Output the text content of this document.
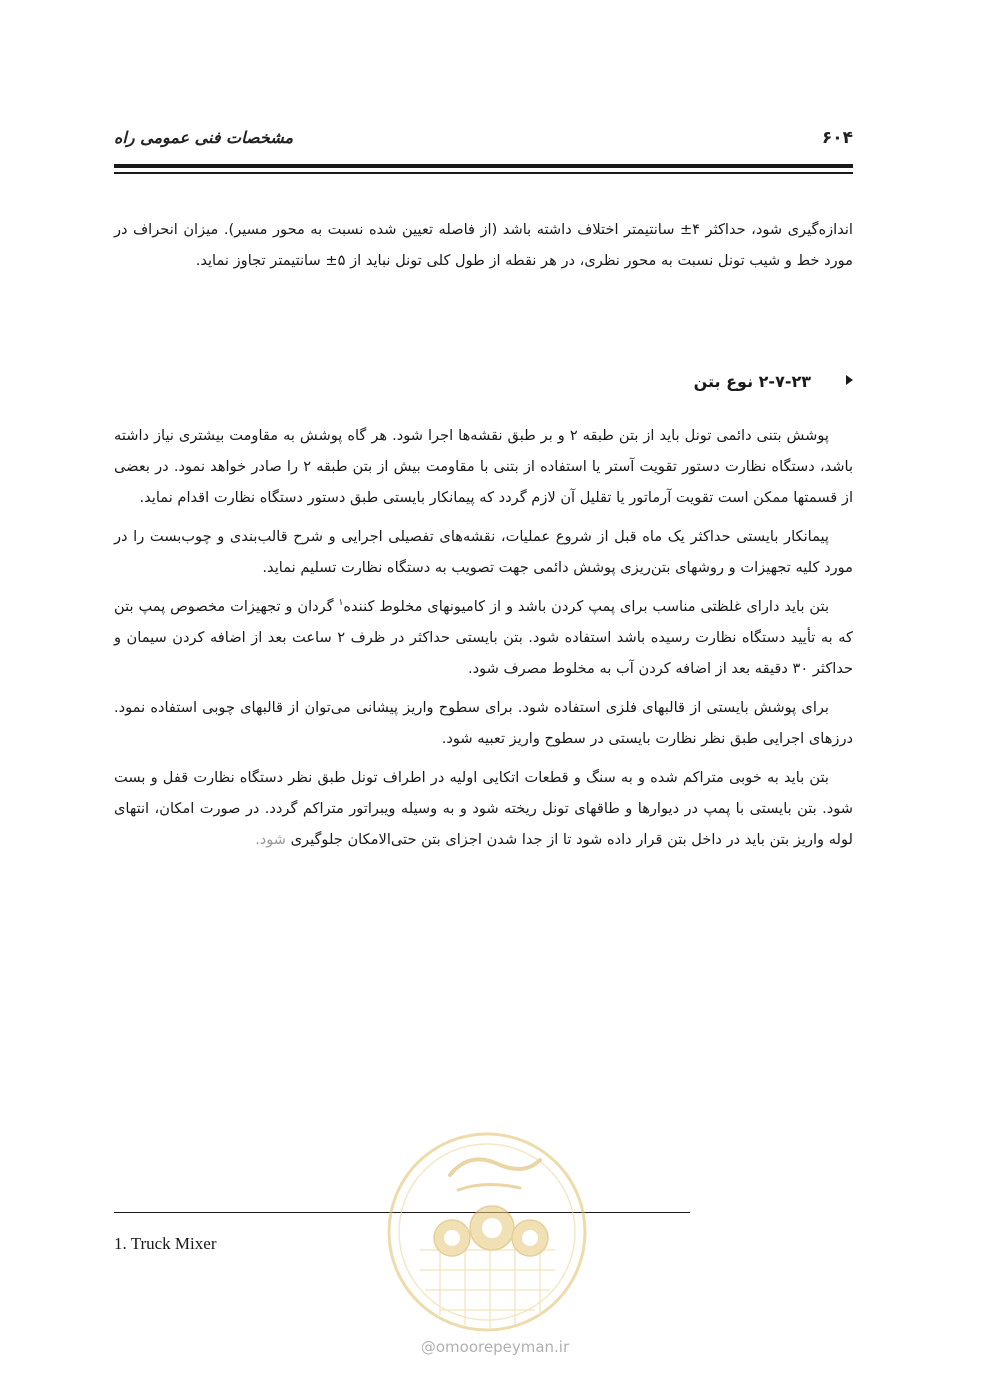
مشخصات فنی عمومی راه	۶۰۴

اندازه‌گیری شود، حداکثر ۴± سانتیمتر اختلاف داشته باشد (از فاصله تعیین شده نسبت به محور مسیر). میزان انحراف در مورد خط و شیب تونل نسبت به محور نظری، در هر نقطه از طول کلی تونل نباید از ۵± سانتیمتر تجاوز نماید.

۲-۷-۲۳ نوع بتن

پوشش بتنی دائمی تونل باید از بتن طبقه ۲ و بر طبق نقشه‌ها اجرا شود. هر گاه پوشش به مقاومت بیشتری نیاز داشته باشد، دستگاه نظارت دستور تقویت آستر یا استفاده از بتنی با مقاومت بیش از بتن طبقه ۲ را صادر خواهد نمود. در بعضی از قسمتها ممکن است تقویت آرماتور یا تقلیل آن لازم گردد که پیمانکار بایستی طبق دستور دستگاه نظارت اقدام نماید.

پیمانکار بایستی حداکثر یک ماه قبل از شروع عملیات، نقشه‌های تفصیلی اجرایی و شرح قالب‌بندی و چوب‌بست را در مورد کلیه تجهیزات و روشهای بتن‌ریزی پوشش دائمی جهت تصویب به دستگاه نظارت تسلیم نماید.

بتن باید دارای غلظتی مناسب برای پمپ کردن باشد و از کامیونهای مخلوط کننده$^۱$ گردان و تجهیزات مخصوص پمپ بتن که به تأیید دستگاه نظارت رسیده باشد استفاده شود. بتن بایستی حداکثر در ظرف ۲ ساعت بعد از اضافه کردن سیمان و حداکثر ۳۰ دقیقه بعد از اضافه کردن آب به مخلوط مصرف شود.

برای پوشش بایستی از قالبهای فلزی استفاده شود. برای سطوح واریز پیشانی می‌توان از قالبهای چوبی استفاده نمود. درزهای اجرایی طبق نظر نظارت بایستی در سطوح واریز تعبیه شود.

بتن باید به خوبی متراکم شده و به سنگ و قطعات اتکایی اولیه در اطراف تونل طبق نظر دستگاه نظارت قفل و بست شود. بتن بایستی با پمپ در دیوارها و طاقهای تونل ریخته شود و به وسیله ویبراتور متراکم گردد. در صورت امکان، انتهای لوله واریز بتن باید در داخل بتن قرار داده شود تا از جدا شدن اجزای بتن حتی‌الامکان جلوگیری شود.

1. Truck Mixer
@omoorepeyman.ir
